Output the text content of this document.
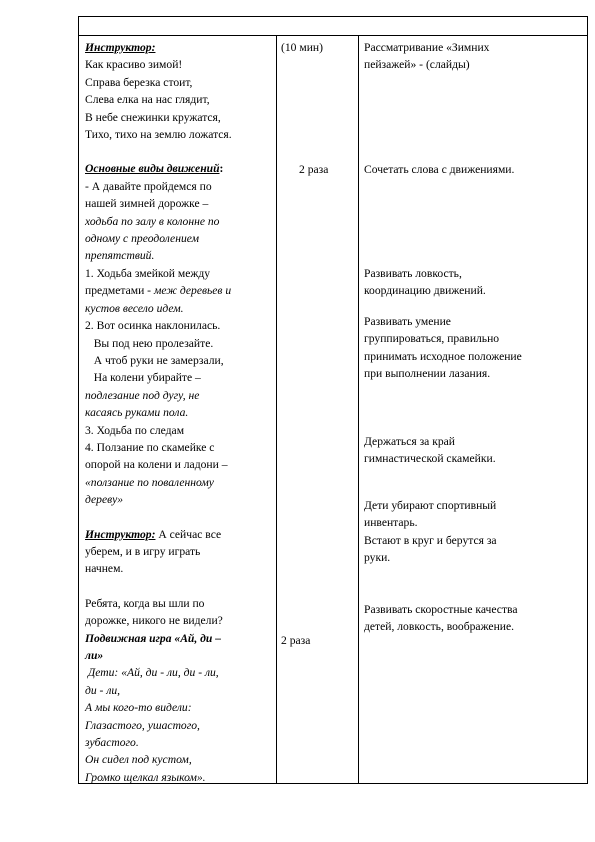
Инструктор:

Как красиво зимой!

Справа березка стоит,

Слева елка на нас глядит,

В небе снежинки кружатся,

Тихо, тихо на землю ложатся.

Основные виды движений:

- А давайте пройдемся по

нашей зимней дорожке –

ходьба по залу в колонне по

одному с преодолением

препятствий.

1. Ходьба змейкой между

предметами - меж деревьев и

кустов весело идем.

2. Вот осинка наклонилась.

Вы под нею пролезайте.

А чтоб руки не замерзали,

На колени убирайте –

подлезание под дугу, не

касаясь руками пола.

3. Ходьба по следам

4. Ползание по скамейке с

опорой на колени и ладони –

«ползание по поваленному

дереву»

Инструктор: А сейчас все

уберем, и в игру играть

начнем.

Ребята, когда вы шли по

дорожке, никого не видели?

Подвижная игра «Ай, ди –

ли»

Дети: «Ай, ди - ли, ди - ли,

ди - ли,

А мы кого-то видели:

Глазастого, ушастого,

зубастого.

Он сидел под кустом,

Громко щелкал языком».

(10 мин)

2 раза

2 раза

Рассматривание «Зимних

пейзажей» - (слайды)

Сочетать слова с движениями.

Развивать ловкость,

координацию движений.

Развивать умение

группироваться, правильно

принимать исходное положение

при выполнении лазания.

Держаться за край

гимнастической скамейки.

Дети убирают спортивный

инвентарь.

Встают в круг и берутся за

руки.

Развивать скоростные качества

детей, ловкость, воображение.
